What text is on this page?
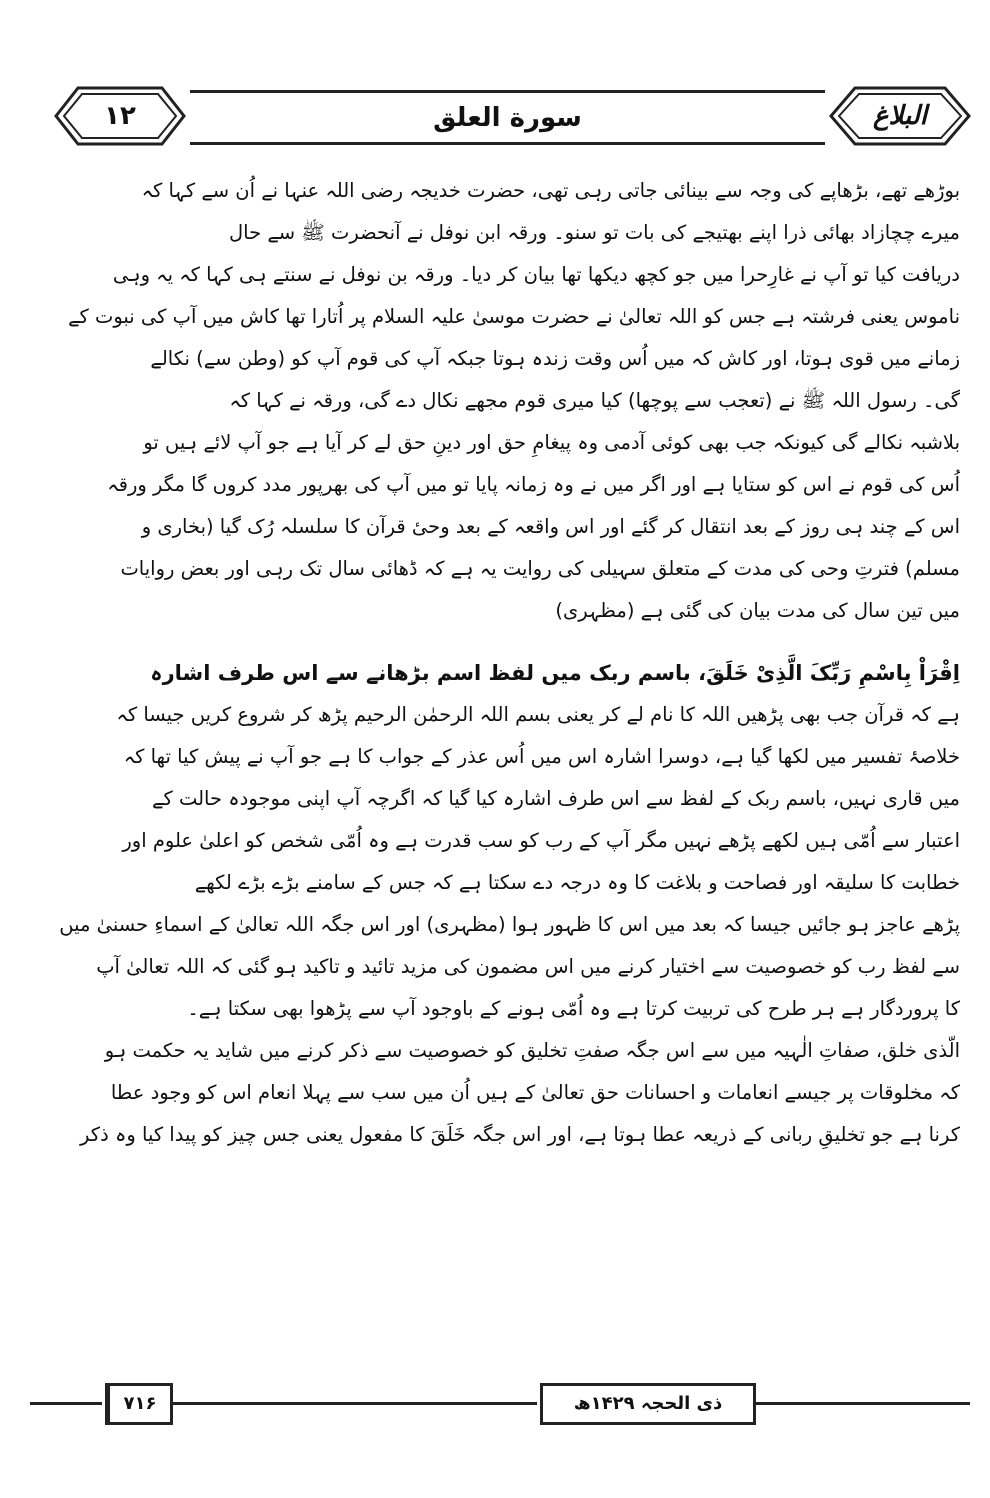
۱۲	سورة العلق	البلاغ

بوڑھے تھے، بڑھاپے کی وجہ سے بینائی جاتی رہی تھی، حضرت خدیجہ رضی اللہ عنہا نے اُن سے کہا کہ

میرے چچازاد بھائی ذرا اپنے بھتیجے کی بات تو سنو۔ ورقہ ابن نوفل نے آنحضرت ﷺ سے حال

دریافت کیا تو آپ نے غارِحرا میں جو کچھ دیکھا تھا بیان کر دیا۔ ورقہ بن نوفل نے سنتے ہی کہا کہ یہ وہی

ناموس یعنی فرشتہ ہے جس کو اللہ تعالیٰ نے حضرت موسیٰ علیہ السلام پر اُتارا تھا کاش میں آپ کی نبوت کے

زمانے میں قوی ہوتا، اور کاش کہ میں اُس وقت زندہ ہوتا جبکہ آپ کی قوم آپ کو (وطن سے) نکالے

گی۔ رسول اللہ ﷺ نے (تعجب سے پوچھا) کیا میری قوم مجھے نکال دے گی، ورقہ نے کہا کہ

بلاشبہ نکالے گی کیونکہ جب بھی کوئی آدمی وہ پیغامِ حق اور دینِ حق لے کر آیا ہے جو آپ لائے ہیں تو

اُس کی قوم نے اس کو ستایا ہے اور اگر میں نے وہ زمانہ پایا تو میں آپ کی بھرپور مدد کروں گا مگر ورقہ

اس کے چند ہی روز کے بعد انتقال کر گئے اور اس واقعہ کے بعد وحیٔ قرآن کا سلسلہ رُک گیا (بخاری و

مسلم) فترتِ وحی کی مدت کے متعلق سہیلی کی روایت یہ ہے کہ ڈھائی سال تک رہی اور بعض روایات

میں تین سال کی مدت بیان کی گئی ہے (مظہری)

اِقْرَاْ بِاسْمِ رَبِّکَ الَّذِیْ خَلَقَ، باسم ربک میں لفظ اسم بڑھانے سے اس طرف اشارہ

ہے کہ قرآن جب بھی پڑھیں اللہ کا نام لے کر یعنی بسم اللہ الرحمٰن الرحیم پڑھ کر شروع کریں جیسا کہ

خلاصۂ تفسیر میں لکھا گیا ہے، دوسرا اشارہ اس میں اُس عذر کے جواب کا ہے جو آپ نے پیش کیا تھا کہ

میں قاری نہیں، باسم ربک کے لفظ سے اس طرف اشارہ کیا گیا کہ اگرچہ آپ اپنی موجودہ حالت کے

اعتبار سے اُمّی ہیں لکھے پڑھے نہیں مگر آپ کے رب کو سب قدرت ہے وہ اُمّی شخص کو اعلیٰ علوم اور

خطابت کا سلیقہ اور فصاحت و بلاغت کا وہ درجہ دے سکتا ہے کہ جس کے سامنے بڑے بڑے لکھے

پڑھے عاجز ہو جائیں جیسا کہ بعد میں اس کا ظہور ہوا (مظہری) اور اس جگہ اللہ تعالیٰ کے اسماءِ حسنیٰ میں

سے لفظ رب کو خصوصیت سے اختیار کرنے میں اس مضمون کی مزید تائید و تاکید ہو گئی کہ اللہ تعالیٰ آپ

کا پروردگار ہے ہر طرح کی تربیت کرتا ہے وہ اُمّی ہونے کے باوجود آپ سے پڑھوا بھی سکتا ہے۔

الّذی خلق، صفاتِ الٰہیہ میں سے اس جگہ صفتِ تخلیق کو خصوصیت سے ذکر کرنے میں شاید یہ حکمت ہو

کہ مخلوقات پر جیسے انعامات و احسانات حق تعالیٰ کے ہیں اُن میں سب سے پہلا انعام اس کو وجود عطا

کرنا ہے جو تخلیقِ ربانی کے ذریعہ عطا ہوتا ہے، اور اس جگہ خَلَقَ کا مفعول یعنی جس چیز کو پیدا کیا وہ ذکر

۷۱۶	ذی الحجہ ۱۴۲۹ھ
